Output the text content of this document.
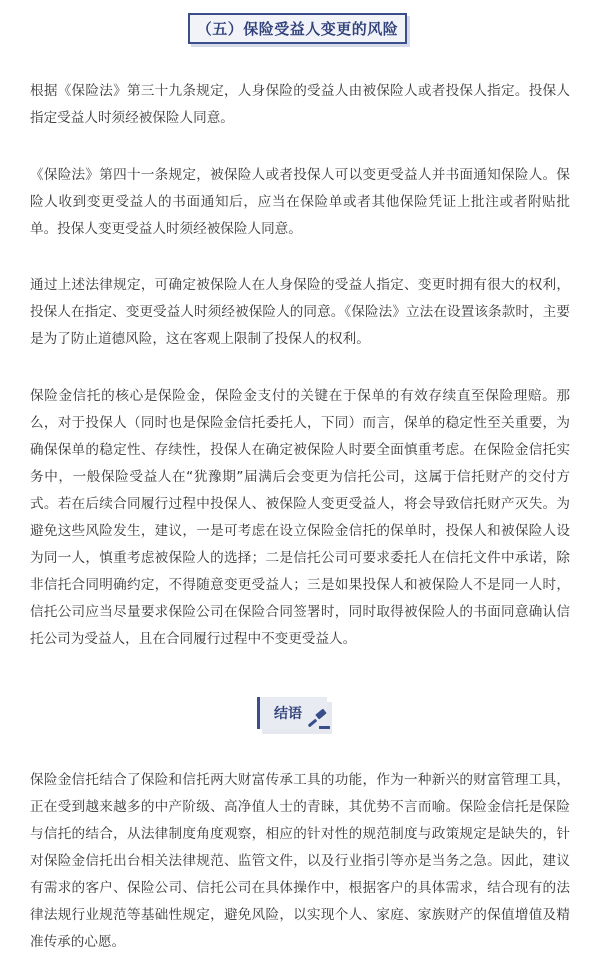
（五）保险受益人变更的风险

根据《保险法》第三十九条规定，人身保险的受益人由被保险人或者投保人指定。投保人指定受益人时须经被保险人同意。

《保险法》第四十一条规定，被保险人或者投保人可以变更受益人并书面通知保险人。保险人收到变更受益人的书面通知后，应当在保险单或者其他保险凭证上批注或者附贴批单。投保人变更受益人时须经被保险人同意。

通过上述法律规定，可确定被保险人在人身保险的受益人指定、变更时拥有很大的权利，投保人在指定、变更受益人时须经被保险人的同意。《保险法》立法在设置该条款时，主要是为了防止道德风险，这在客观上限制了投保人的权利。

保险金信托的核心是保险金，保险金支付的关键在于保单的有效存续直至保险理赔。那么，对于投保人（同时也是保险金信托委托人，下同）而言，保单的稳定性至关重要，为确保保单的稳定性、存续性，投保人在确定被保险人时要全面慎重考虑。在保险金信托实务中，一般保险受益人在“犹豫期”届满后会变更为信托公司，这属于信托财产的交付方式。若在后续合同履行过程中投保人、被保险人变更受益人，将会导致信托财产灭失。为避免这些风险发生，建议，一是可考虑在设立保险金信托的保单时，投保人和被保险人设为同一人，慎重考虑被保险人的选择；二是信托公司可要求委托人在信托文件中承诺，除非信托合同明确约定，不得随意变更受益人；三是如果投保人和被保险人不是同一人时，信托公司应当尽量要求保险公司在保险合同签署时，同时取得被保险人的书面同意确认信托公司为受益人，且在合同履行过程中不变更受益人。

结语

保险金信托结合了保险和信托两大财富传承工具的功能，作为一种新兴的财富管理工具，正在受到越来越多的中产阶级、高净值人士的青睐，其优势不言而喻。保险金信托是保险与信托的结合，从法律制度角度观察，相应的针对性的规范制度与政策规定是缺失的，针对保险金信托出台相关法律规范、监管文件，以及行业指引等亦是当务之急。因此，建议有需求的客户、保险公司、信托公司在具体操作中，根据客户的具体需求，结合现有的法律法规行业规范等基础性规定，避免风险，以实现个人、家庭、家族财产的保值增值及精准传承的心愿。
